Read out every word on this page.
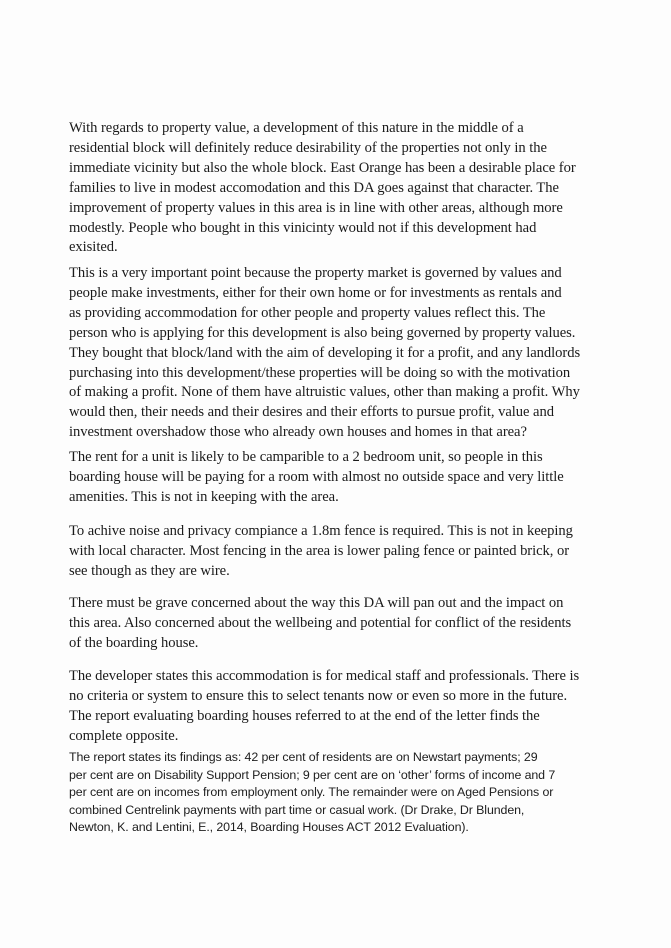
With regards to property value, a development of this nature in the middle of a
residential block will definitely reduce desirability of the properties not only in the
immediate vicinity but also the whole block. East Orange has been a desirable place for
families to live in modest accomodation and this DA goes against that character. The
improvement of property values in this area is in line with other areas, although more
modestly. People who bought in this vinicinty would not if this development had
exisited.

This is a very important point because the property market is governed by values and
people make investments, either for their own home or for investments as rentals and
as providing accommodation for other people and property values reflect this. The
person who is applying for this development is also being governed by property values.
They bought that block/land with the aim of developing it for a profit, and any landlords
purchasing into this development/these properties will be doing so with the motivation
of making a profit. None of them have altruistic values, other than making a profit. Why
would then, their needs and their desires and their efforts to pursue profit, value and
investment overshadow those who already own houses and homes in that area?

The rent for a unit is likely to be camparible to a 2 bedroom unit, so people in this
boarding house will be paying for a room with almost no outside space and very little
amenities. This is not in keeping with the area.

To achive noise and privacy compiance a 1.8m fence is required. This is not in keeping
with local character. Most fencing in the area is lower paling fence or painted brick, or
see though as they are wire.

There must be grave concerned about the way this DA will pan out and the impact on
this area. Also concerned about the wellbeing and potential for conflict of the residents
of the boarding house.

The developer states this accommodation is for medical staff and professionals. There is
no criteria or system to ensure this to select tenants now or even so more in the future.
The report evaluating boarding houses referred to at the end of the letter finds the
complete opposite.

The report states its findings as: 42 per cent of residents are on Newstart payments; 29
per cent are on Disability Support Pension; 9 per cent are on ‘other’ forms of income and 7
per cent are on incomes from employment only. The remainder were on Aged Pensions or
combined Centrelink payments with part time or casual work. (Dr Drake, Dr Blunden,
Newton, K. and Lentini, E., 2014, Boarding Houses ACT 2012 Evaluation).
